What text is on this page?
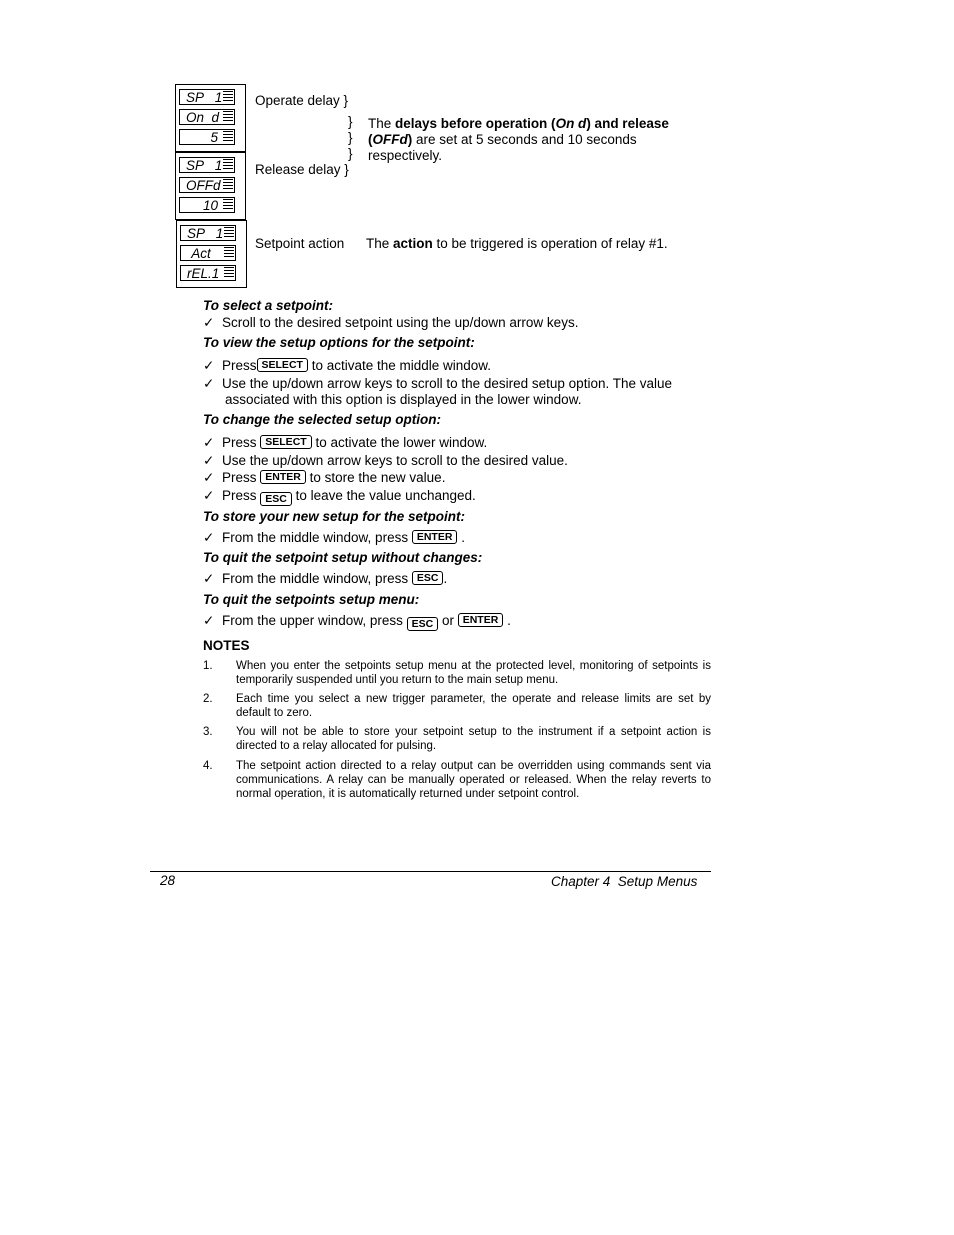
SP   1
On  d
5
SP   1
OFFd
10
SP   1
Act
rEL.1
Operate delay }
Release delay }
Setpoint action
}
}
}
The delays before operation (On d) and release
(OFFd) are set at 5 seconds and 10 seconds
respectively.
The action to be triggered is operation of relay #1.
To select a setpoint:
✓ Scroll to the desired setpoint using the up/down arrow keys.
To view the setup options for the setpoint:
✓ Press SELECT to activate the middle window.
✓ Use the up/down arrow keys to scroll to the desired setup option. The value
associated with this option is displayed in the lower window.
To change the selected setup option:
✓ Press SELECT to activate the lower window.
✓ Use the up/down arrow keys to scroll to the desired value.
✓ Press ENTER to store the new value.
✓ Press ESC to leave the value unchanged.
To store your new setup for the setpoint:
✓ From the middle window, press ENTER .
To quit the setpoint setup without changes:
✓ From the middle window, press ESC .
To quit the setpoints setup menu:
✓ From the upper window, press ESC or ENTER .
NOTES
1. When you enter the setpoints setup menu at the protected level, monitoring of setpoints is temporarily suspended until you return to the main setup menu.
2. Each time you select a new trigger parameter, the operate and release limits are set by default to zero.
3. You will not be able to store your setpoint setup to the instrument if a setpoint action is directed to a relay allocated for pulsing.
4. The setpoint action directed to a relay output can be overridden using commands sent via communications. A relay can be manually operated or released. When the relay reverts to normal operation, it is automatically returned under setpoint control.
28	Chapter 4  Setup Menus
